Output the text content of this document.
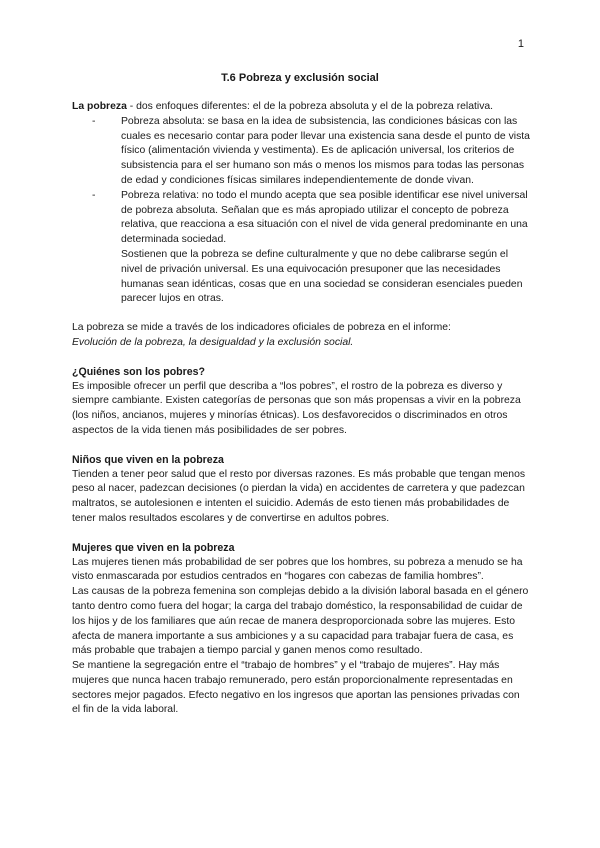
1
T.6 Pobreza y exclusión social

La pobreza - dos enfoques diferentes: el de la pobreza absoluta y el de la pobreza relativa.

- Pobreza absoluta: se basa en la idea de subsistencia, las condiciones básicas con las cuales es necesario contar para poder llevar una existencia sana desde el punto de vista físico (alimentación vivienda y vestimenta). Es de aplicación universal, los criterios de subsistencia para el ser humano son más o menos los mismos para todas las personas de edad y condiciones físicas similares independientemente de donde vivan.
- Pobreza relativa: no todo el mundo acepta que sea posible identificar ese nivel universal de pobreza absoluta. Señalan que es más apropiado utilizar el concepto de pobreza relativa, que reacciona a esa situación con el nivel de vida general predominante en una determinada sociedad.
Sostienen que la pobreza se define culturalmente y que no debe calibrarse según el nivel de privación universal. Es una equivocación presuponer que las necesidades humanas sean idénticas, cosas que en una sociedad se consideran esenciales pueden parecer lujos en otras.

La pobreza se mide a través de los indicadores oficiales de pobreza en el informe:

Evolución de la pobreza, la desigualdad y la exclusión social.

¿Quiénes son los pobres?

Es imposible ofrecer un perfil que describa a “los pobres”, el rostro de la pobreza es diverso y siempre cambiante. Existen categorías de personas que son más propensas a vivir en la pobreza (los niños, ancianos, mujeres y minorías étnicas). Los desfavorecidos o discriminados en otros aspectos de la vida tienen más posibilidades de ser pobres.

Niños que viven en la pobreza

Tienden a tener peor salud que el resto por diversas razones. Es más probable que tengan menos peso al nacer, padezcan decisiones (o pierdan la vida) en accidentes de carretera y que padezcan maltratos, se autolesionen e intenten el suicidio. Además de esto tienen más probabilidades de tener malos resultados escolares y de convertirse en adultos pobres.

Mujeres que viven en la pobreza

Las mujeres tienen más probabilidad de ser pobres que los hombres, su pobreza a menudo se ha visto enmascarada por estudios centrados en “hogares con cabezas de familia hombres”.

Las causas de la pobreza femenina son complejas debido a la división laboral basada en el género tanto dentro como fuera del hogar; la carga del trabajo doméstico, la responsabilidad de cuidar de los hijos y de los familiares que aún recae de manera desproporcionada sobre las mujeres. Esto afecta de manera importante a sus ambiciones y a su capacidad para trabajar fuera de casa, es más probable que trabajen a tiempo parcial y ganen menos como resultado.

Se mantiene la segregación entre el “trabajo de hombres” y el “trabajo de mujeres”. Hay más mujeres que nunca hacen trabajo remunerado, pero están proporcionalmente representadas en sectores mejor pagados. Efecto negativo en los ingresos que aportan las pensiones privadas con el fin de la vida laboral.
